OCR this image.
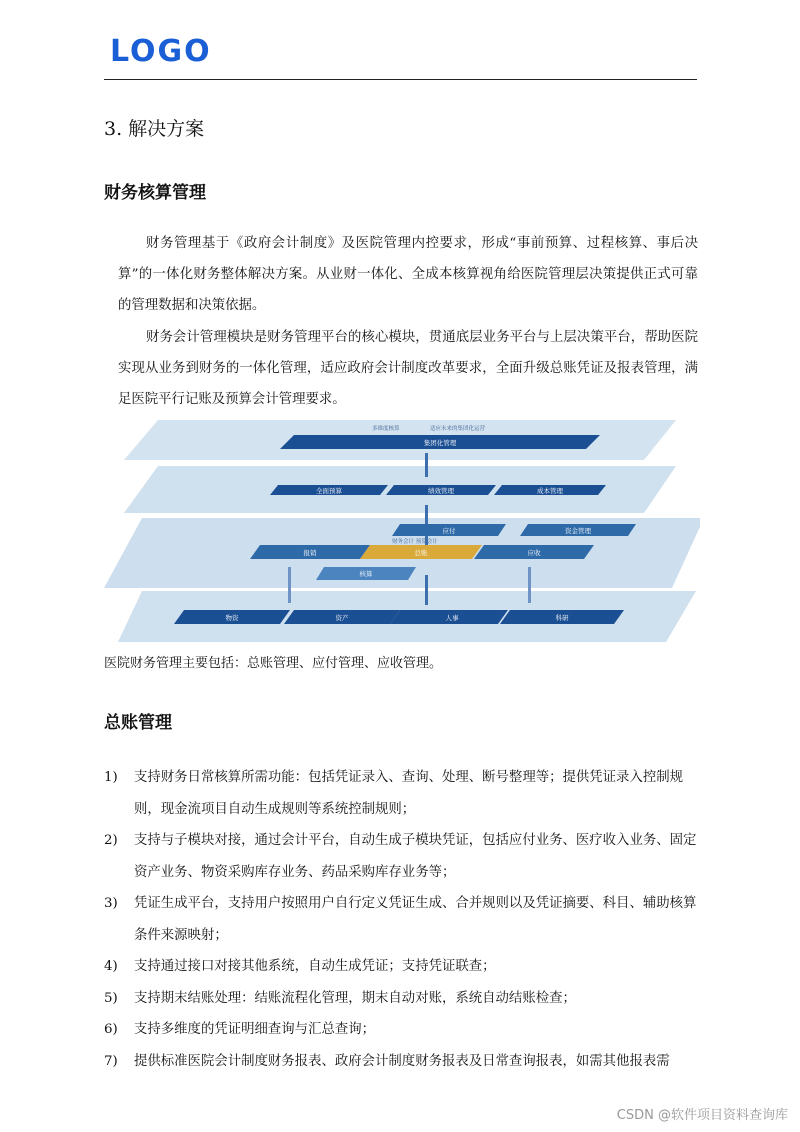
LOGO
3. 解决方案
财务核算管理

财务管理基于《政府会计制度》及医院管理内控要求，形成“事前预算、过程核算、事后决算”的一体化财务整体解决方案。从业财一体化、全成本核算视角给医院管理层决策提供正式可靠的管理数据和决策依据。

财务会计管理模块是财务管理平台的核心模块，贯通底层业务平台与上层决策平台，帮助医院实现从业务到财务的一体化管理，适应政府会计制度改革要求，全面升级总账凭证及报表管理，满足医院平行记账及预算会计管理要求。

多维度核算	适应未来的集团化运营
集团化管理
全面预算	绩效管理	成本管理
应付	资金管理
财务会计 预算会计
报销	总账	应收
核算
物资	资产	人事	科研
医院财务管理主要包括：总账管理、应付管理、应收管理。
总账管理
1) 支持财务日常核算所需功能：包括凭证录入、查询、处理、断号整理等；提供凭证录入控制规则，现金流项目自动生成规则等系统控制规则；
2) 支持与子模块对接，通过会计平台，自动生成子模块凭证，包括应付业务、医疗收入业务、固定资产业务、物资采购库存业务、药品采购库存业务等；
3) 凭证生成平台，支持用户按照用户自行定义凭证生成、合并规则以及凭证摘要、科目、辅助核算条件来源映射；
4) 支持通过接口对接其他系统，自动生成凭证；支持凭证联查；
5) 支持期末结账处理：结账流程化管理，期末自动对账，系统自动结账检查；
6) 支持多维度的凭证明细查询与汇总查询；
7) 提供标准医院会计制度财务报表、政府会计制度财务报表及日常查询报表，如需其他报表需
CSDN @软件项目资料查询库
